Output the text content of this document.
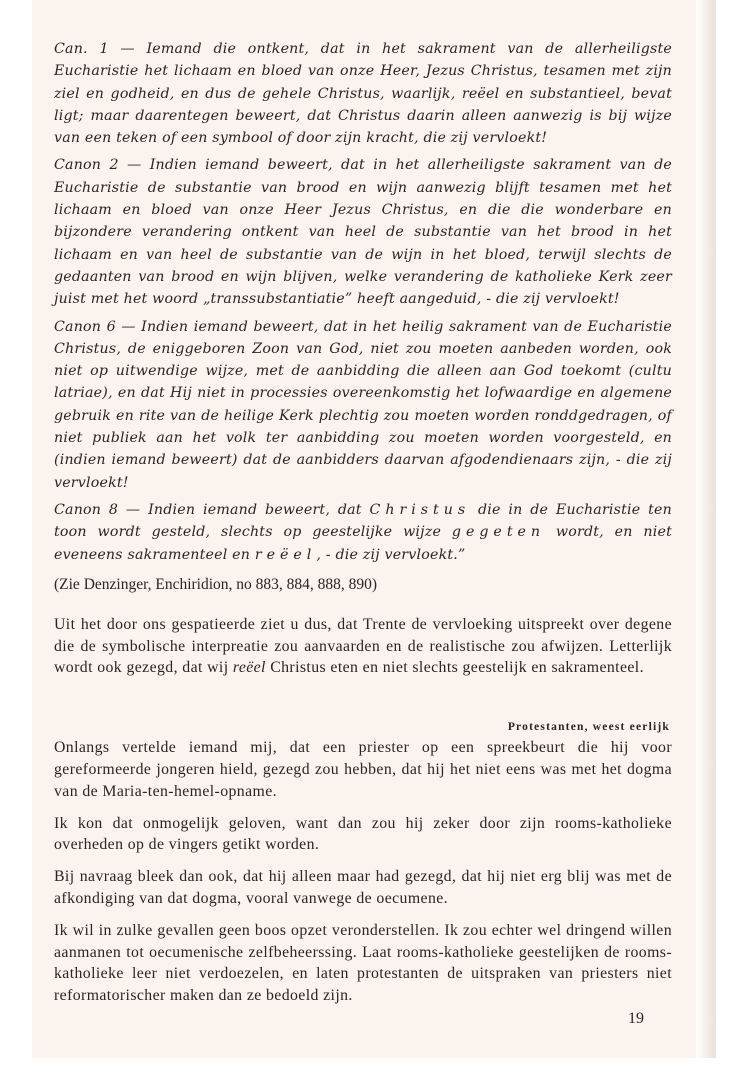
Can. 1 — Iemand die ontkent, dat in het sakrament van de allerheiligste Eucharistie het lichaam en bloed van onze Heer, Jezus Christus, tesamen met zijn ziel en godheid, en dus de gehele Christus, waarlijk, reëel en substantieel, bevat ligt; maar daarentegen beweert, dat Christus daarin alleen aanwezig is bij wijze van een teken of een symbool of door zijn kracht, die zij vervloekt!

Canon 2 — Indien iemand beweert, dat in het allerheiligste sakrament van de Eucharistie de substantie van brood en wijn aanwezig blijft tesamen met het lichaam en bloed van onze Heer Jezus Christus, en die die wonderbare en bijzondere verandering ontkent van heel de substantie van het brood in het lichaam en van heel de substantie van de wijn in het bloed, terwijl slechts de gedaanten van brood en wijn blijven, welke verandering de katholieke Kerk zeer juist met het woord „transsubstantiatie” heeft aangeduid, - die zij vervloekt!

Canon 6 — Indien iemand beweert, dat in het heilig sakrament van de Eucharistie Christus, de eniggeboren Zoon van God, niet zou moeten aanbeden worden, ook niet op uitwendige wijze, met de aanbidding die alleen aan God toekomt (cultu latriae), en dat Hij niet in processies overeenkomstig het lofwaardige en algemene gebruik en rite van de heilige Kerk plechtig zou moeten worden ronddgedragen, of niet publiek aan het volk ter aanbidding zou moeten worden voorgesteld, en (indien iemand beweert) dat de aanbidders daarvan afgodendienaars zijn, - die zij vervloekt!

Canon 8 — Indien iemand beweert, dat Christus die in de Eucharistie ten toon wordt gesteld, slechts op geestelijke wijze gegeten wordt, en niet eveneens sakramenteel en reëel, - die zij vervloekt.”

(Zie Denzinger, Enchiridion, no 883, 884, 888, 890)

Uit het door ons gespatieerde ziet u dus, dat Trente de vervloeking uitspreekt over degene die de symbolische interpreatie zou aanvaarden en de realistische zou afwijzen. Letterlijk wordt ook gezegd, dat wij reëel Christus eten en niet slechts geestelijk en sakramenteel.

Protestanten, weest eerlijk

Onlangs vertelde iemand mij, dat een priester op een spreekbeurt die hij voor gereformeerde jongeren hield, gezegd zou hebben, dat hij het niet eens was met het dogma van de Maria-ten-hemel-opname.

Ik kon dat onmogelijk geloven, want dan zou hij zeker door zijn rooms-katholieke overheden op de vingers getikt worden.

Bij navraag bleek dan ook, dat hij alleen maar had gezegd, dat hij niet erg blij was met de afkondiging van dat dogma, vooral vanwege de oecumene.

Ik wil in zulke gevallen geen boos opzet veronderstellen. Ik zou echter wel dringend willen aanmanen tot oecumenische zelfbeheerssing. Laat rooms-katholieke geestelijken de rooms-katholieke leer niet verdoezelen, en laten protestanten de uitspraken van priesters niet reformatorischer maken dan ze bedoeld zijn.

19
